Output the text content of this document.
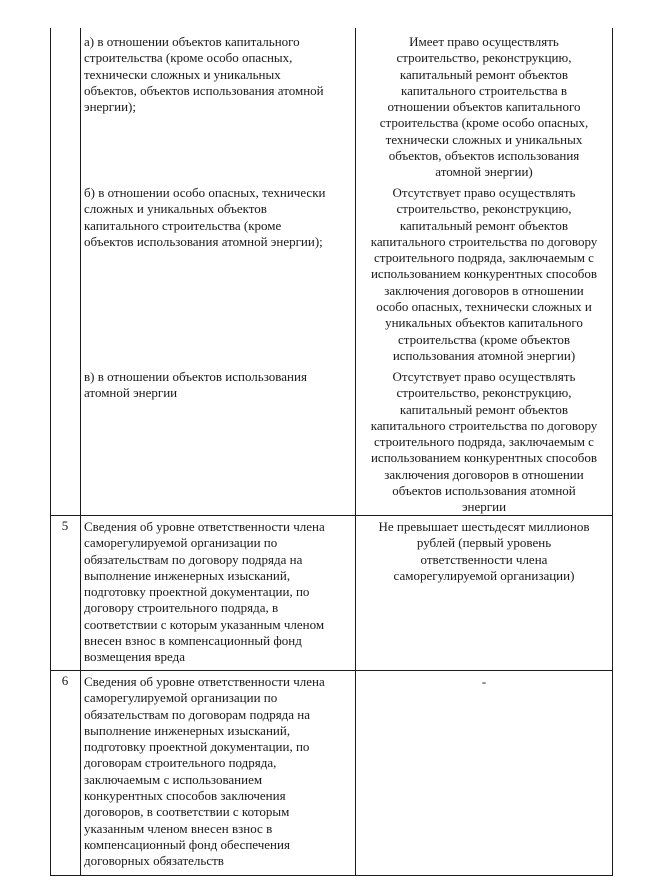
а) в отношении объектов капитального
строительства (кроме особо опасных,
технически сложных и уникальных
объектов, объектов использования атомной
энергии);
Имеет право осуществлять
строительство, реконструкцию,
капитальный ремонт объектов
капитального строительства в
отношении объектов капитального
строительства (кроме особо опасных,
технически сложных и уникальных
объектов, объектов использования
атомной энергии)
б) в отношении особо опасных, технически
сложных и уникальных объектов
капитального строительства (кроме
объектов использования атомной энергии);
Отсутствует право осуществлять
строительство, реконструкцию,
капитальный ремонт объектов
капитального строительства по договору
строительного подряда, заключаемым с
использованием конкурентных способов
заключения договоров в отношении
особо опасных, технически сложных и
уникальных объектов капитального
строительства (кроме объектов
использования атомной энергии)
в) в отношении объектов использования
атомной энергии
Отсутствует право осуществлять
строительство, реконструкцию,
капитальный ремонт объектов
капитального строительства по договору
строительного подряда, заключаемым с
использованием конкурентных способов
заключения договоров в отношении
объектов использования атомной
энергии
5	Сведения об уровне ответственности члена
саморегулируемой организации по
обязательствам по договору подряда на
выполнение инженерных изысканий,
подготовку проектной документации, по
договору строительного подряда, в
соответствии с которым указанным членом
внесен взнос в компенсационный фонд
возмещения вреда
Не превышает шестьдесят миллионов
рублей (первый уровень
ответственности члена
саморегулируемой организации)
6	Сведения об уровне ответственности члена
саморегулируемой организации по
обязательствам по договорам подряда на
выполнение инженерных изысканий,
подготовку проектной документации, по
договорам строительного подряда,
заключаемым с использованием
конкурентных способов заключения
договоров, в соответствии с которым
указанным членом внесен взнос в
компенсационный фонд обеспечения
договорных обязательств
-
